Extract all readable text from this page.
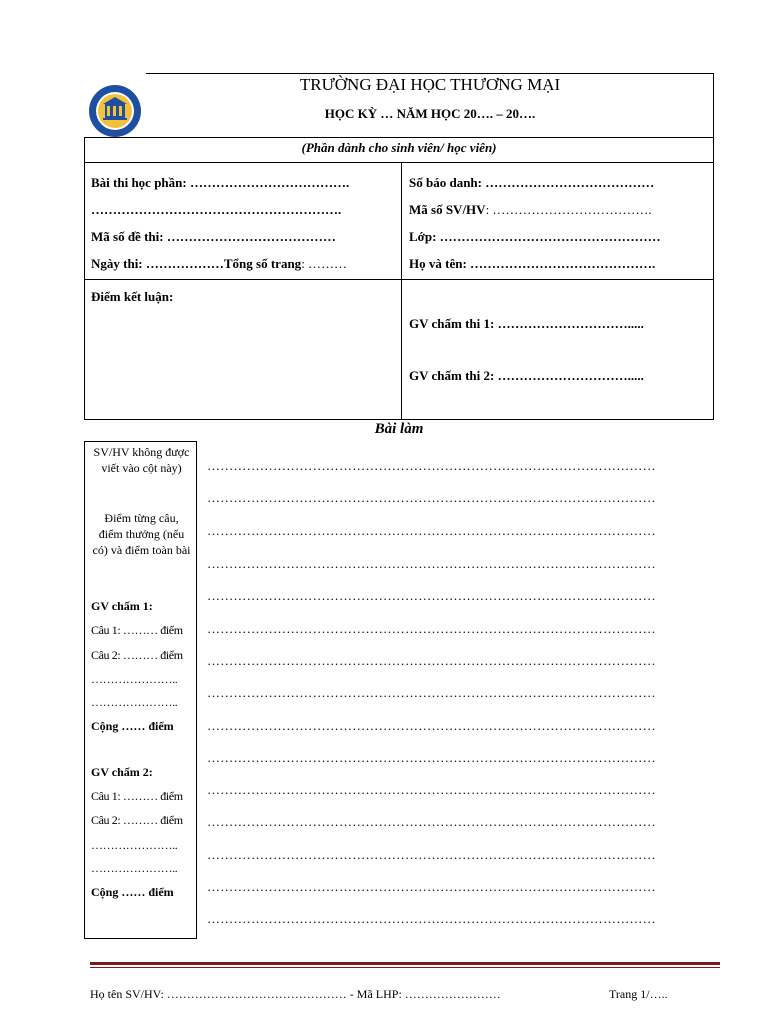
TRƯỜNG ĐẠI HỌC THƯƠNG MẠI
HỌC KỲ … NĂM HỌC 20…. – 20….
(Phần dành cho sinh viên/ học viên)
Bài thi học phần: ……………………………….
………………………………………………….
Mã số đề thi: …………………………………
Ngày thi: ………………Tổng số trang: ………
Số báo danh: …………………………………
Mã số SV/HV: ……………………………….
Lớp: ……………………………………………
Họ và tên: …………………………………….
Điểm kết luận:
GV chấm thi 1: ………………………….....
GV chấm thi 2: ………………………….....
Bài làm
SV/HV không được viết vào cột này)
Điểm từng câu, điểm thưởng (nếu có) và điểm toàn bài
GV chấm 1:
Câu 1: ……… điểm
Câu 2: ……… điểm
…………………..
…………………..
Cộng …… điểm
GV chấm 2:
Câu 1: ……… điểm
Câu 2: ……… điểm
…………………..
…………………..
Cộng …… điểm
…………………………………………………………………………………………
…………………………………………………………………………………………
…………………………………………………………………………………………
…………………………………………………………………………………………
…………………………………………………………………………………………
…………………………………………………………………………………………
…………………………………………………………………………………………
…………………………………………………………………………………………
…………………………………………………………………………………………
…………………………………………………………………………………………
…………………………………………………………………………………………
…………………………………………………………………………………………
…………………………………………………………………………………………
…………………………………………………………………………………………
…………………………………………………………………………………………
Họ tên SV/HV: ……………………………………… - Mã LHP: ……………………	Trang 1/…..
